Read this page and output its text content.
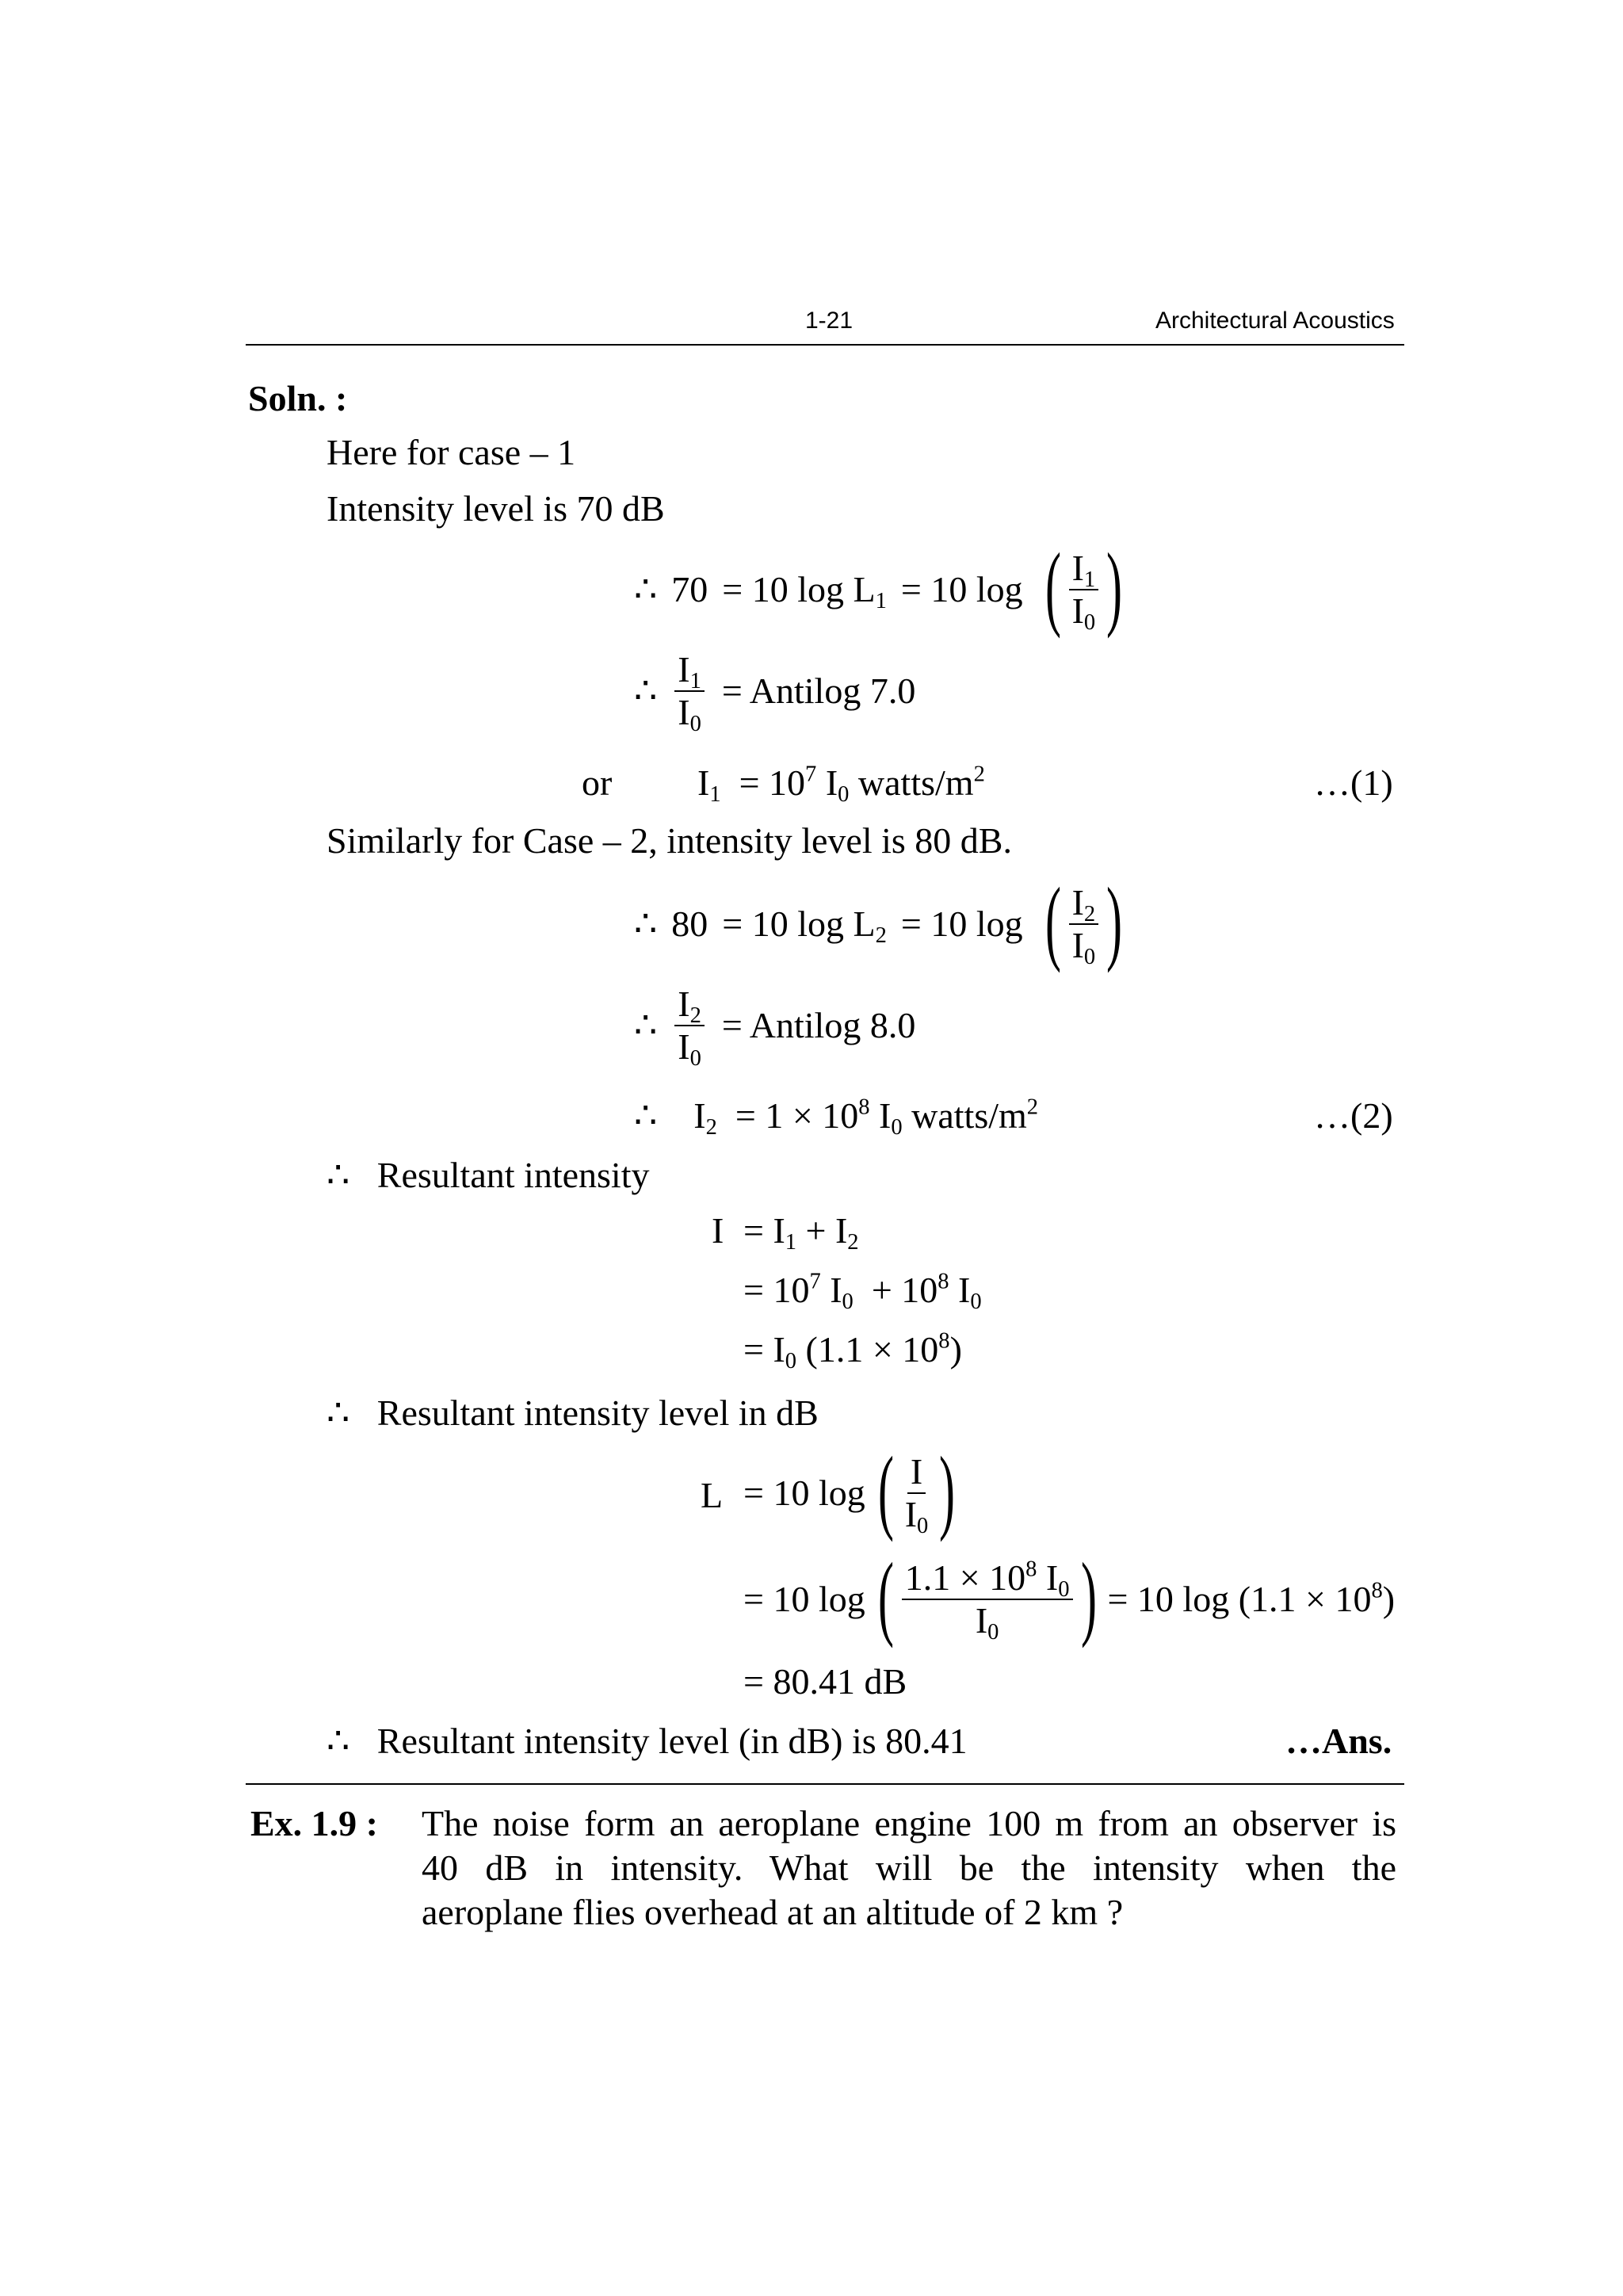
1-21	Architectural Acoustics
Soln. :
Here for case – 1
Intensity level is 70 dB
∴ 70 = 10 $\log L_1 = 10$ log ( $\frac{I_1}{I_0}$ )
∴ $\frac{I_1}{I_0}$ = Antilog 7.0
or $I_1 = 10^7$ $I_0$ watts/$m^2$	…(1)
Similarly for Case – 2, intensity level is 80 dB.
∴ 80 = 10 $\log L_2 = 10$ log ( $\frac{I_2}{I_0}$ )
∴ $\frac{I_2}{I_0}$ = Antilog 8.0
∴ $I_2 = 1 \times 10^8$ $I_0$ watts/$m^2$	…(2)
∴ Resultant intensity
$I = I_1 + I_2$
= $10^7$ $I_0 + 10^8$ $I_0$
= $I_0$ $(1.1 \times 10^8)$
∴ Resultant intensity level in dB
L = 10 log ( $\frac{I}{I_0}$ )
= 10 log ( $\frac{1.1 \times 10^8 I_0}{I_0}$ ) = 10 $\log (1.1 \times 10^8)$
= 80.41 dB
∴ Resultant intensity level (in dB) is 80.41	…Ans.
Ex. 1.9 : The noise form an aeroplane engine 100 m from an observer is
40 dB in intensity. What will be the intensity when the
aeroplane flies overhead at an altitude of 2 km ?
